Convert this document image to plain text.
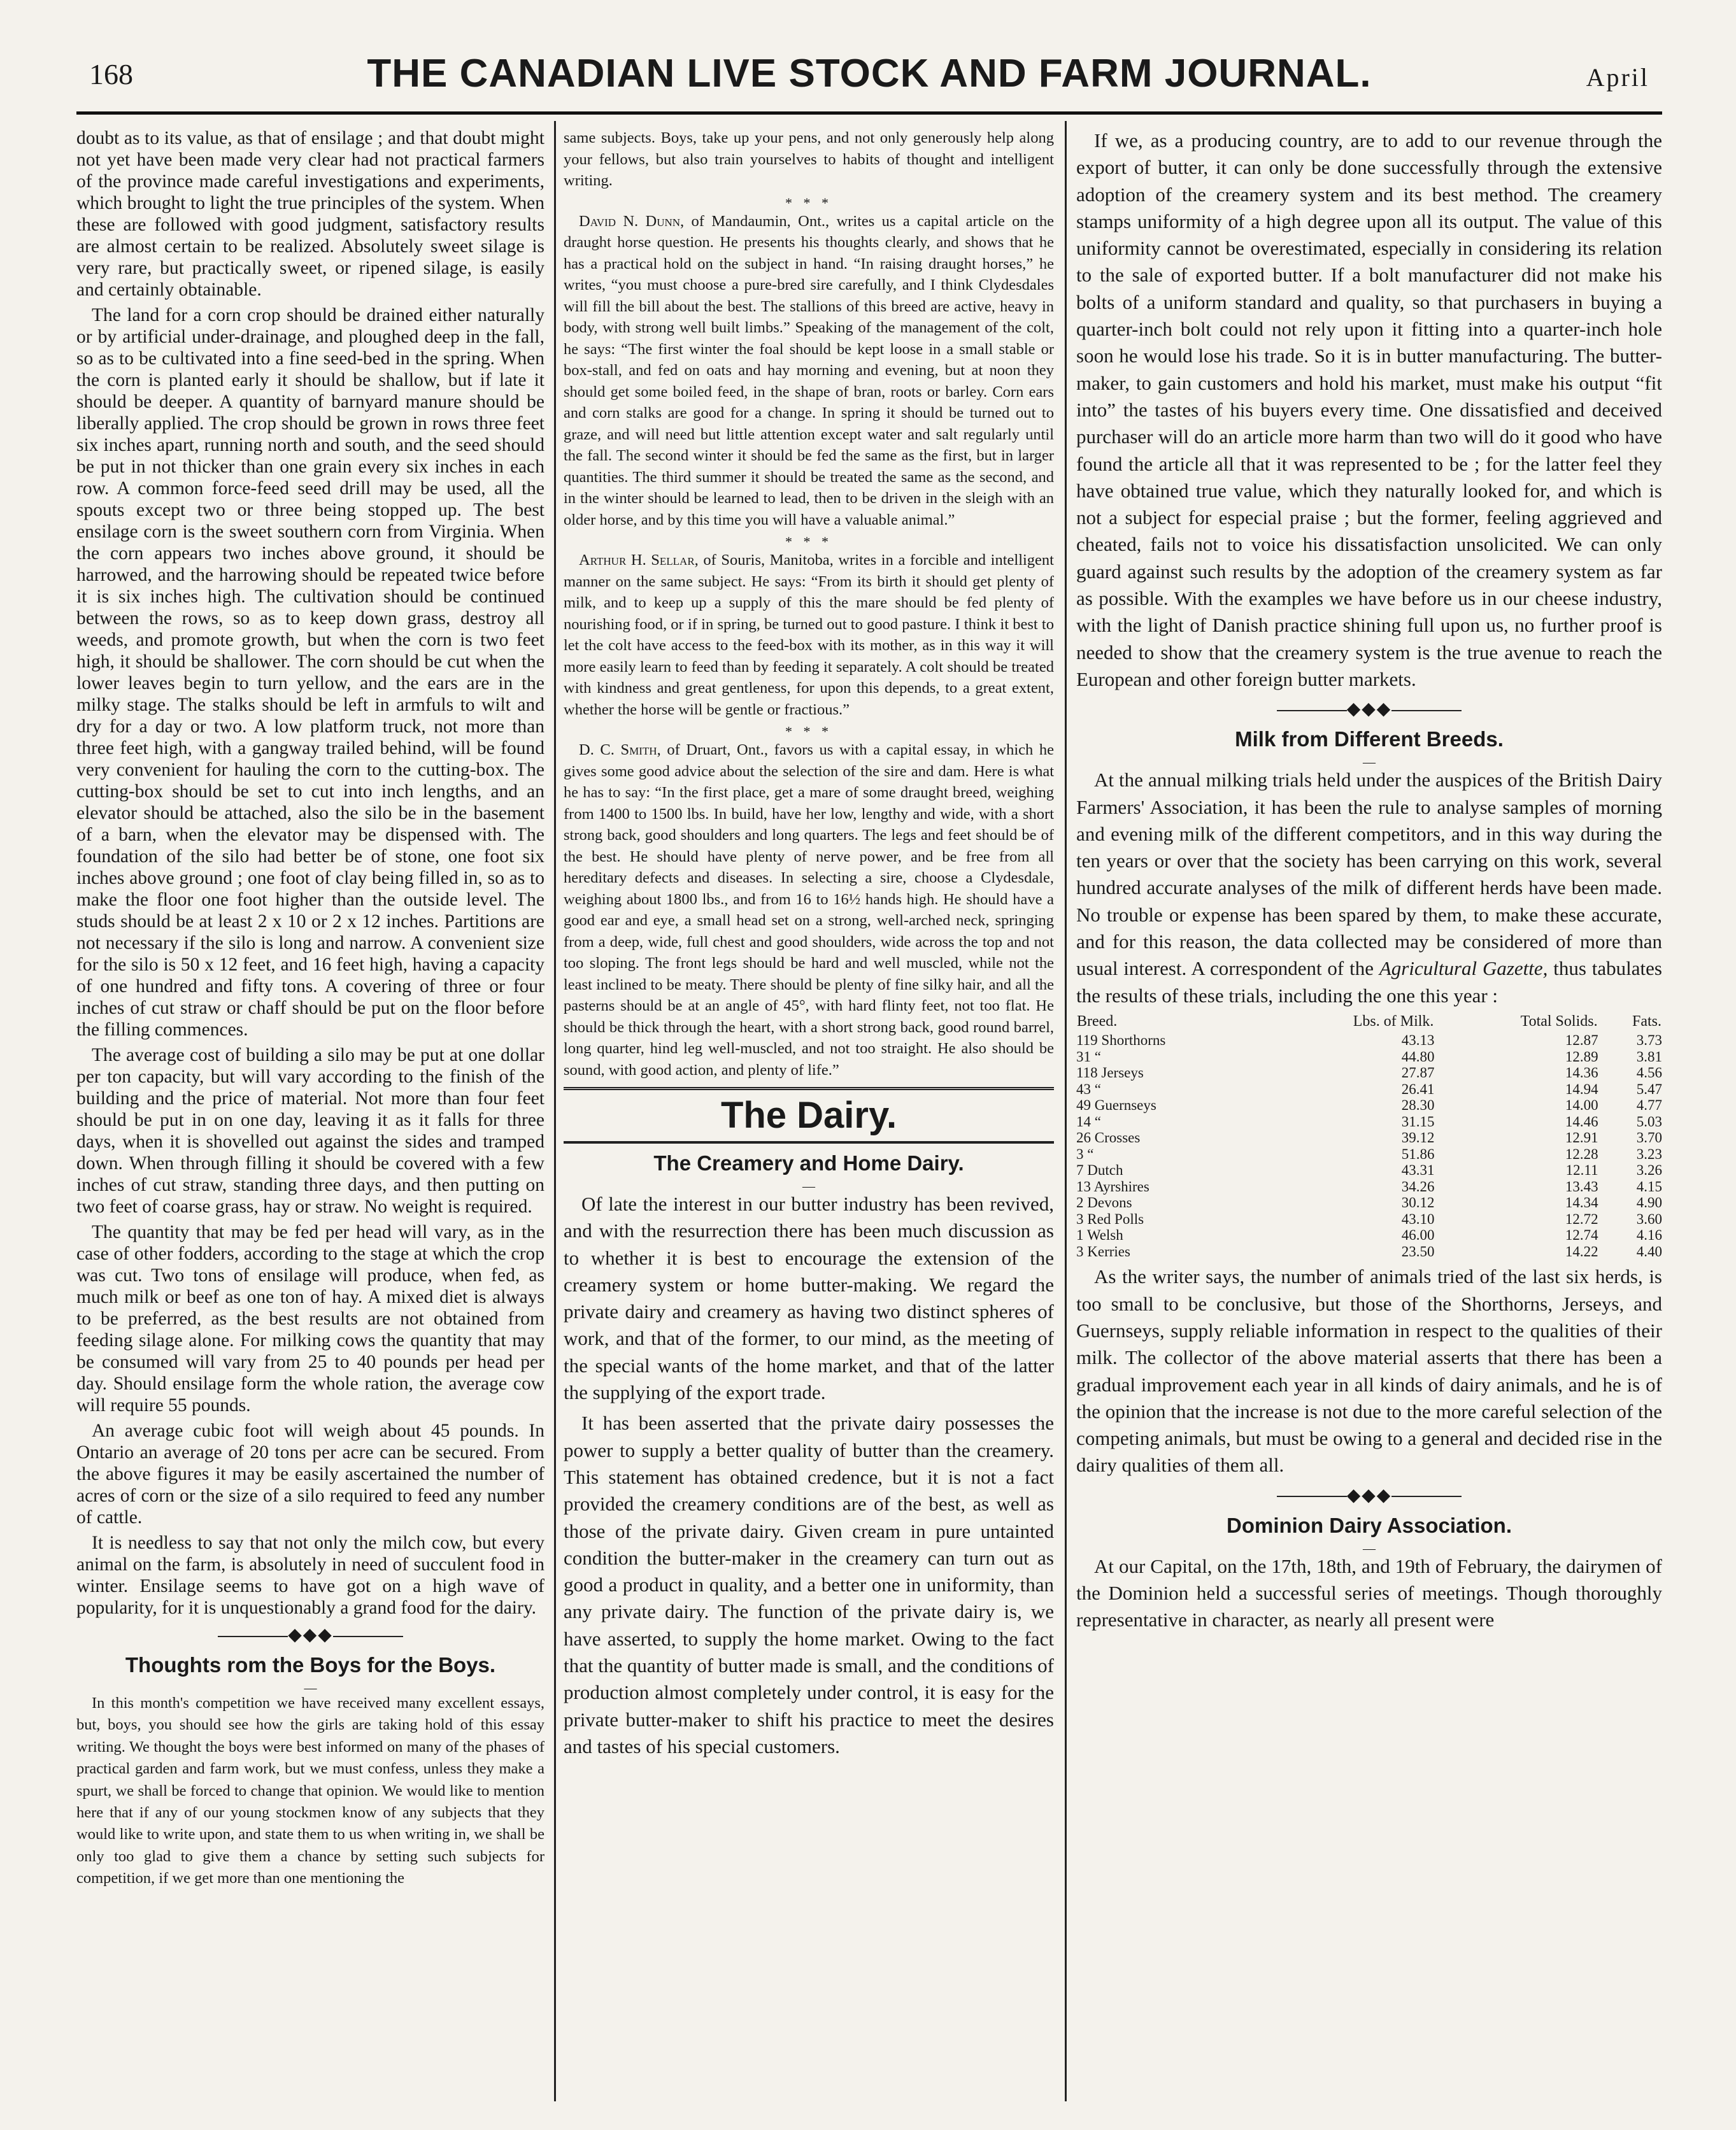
168	THE CANADIAN LIVE STOCK AND FARM JOURNAL.	April

doubt as to its value, as that of ensilage ; and that doubt might not yet have been made very clear had not practical farmers of the province made careful investigations and experiments, which brought to light the true principles of the system. When these are followed with good judgment, satisfactory results are almost certain to be realized. Absolutely sweet silage is very rare, but practically sweet, or ripened silage, is easily and certainly obtainable.

The land for a corn crop should be drained either naturally or by artificial under-drainage, and ploughed deep in the fall, so as to be cultivated into a fine seed-bed in the spring. When the corn is planted early it should be shallow, but if late it should be deeper. A quantity of barnyard manure should be liberally applied. The crop should be grown in rows three feet six inches apart, running north and south, and the seed should be put in not thicker than one grain every six inches in each row. A common force-feed seed drill may be used, all the spouts except two or three being stopped up. The best ensilage corn is the sweet southern corn from Virginia. When the corn appears two inches above ground, it should be harrowed, and the harrowing should be repeated twice before it is six inches high. The cultivation should be continued between the rows, so as to keep down grass, destroy all weeds, and promote growth, but when the corn is two feet high, it should be shallower. The corn should be cut when the lower leaves begin to turn yellow, and the ears are in the milky stage. The stalks should be left in armfuls to wilt and dry for a day or two. A low platform truck, not more than three feet high, with a gangway trailed behind, will be found very convenient for hauling the corn to the cutting-box. The cutting-box should be set to cut into inch lengths, and an elevator should be attached, also the silo be in the basement of a barn, when the elevator may be dispensed with. The foundation of the silo had better be of stone, one foot six inches above ground ; one foot of clay being filled in, so as to make the floor one foot higher than the outside level. The studs should be at least 2 x 10 or 2 x 12 inches. Partitions are not necessary if the silo is long and narrow. A convenient size for the silo is 50 x 12 feet, and 16 feet high, having a capacity of one hundred and fifty tons. A covering of three or four inches of cut straw or chaff should be put on the floor before the filling commences.

The average cost of building a silo may be put at one dollar per ton capacity, but will vary according to the finish of the building and the price of material. Not more than four feet should be put in on one day, leaving it as it falls for three days, when it is shovelled out against the sides and tramped down. When through filling it should be covered with a few inches of cut straw, standing three days, and then putting on two feet of coarse grass, hay or straw. No weight is required.

The quantity that may be fed per head will vary, as in the case of other fodders, according to the stage at which the crop was cut. Two tons of ensilage will produce, when fed, as much milk or beef as one ton of hay. A mixed diet is always to be preferred, as the best results are not obtained from feeding silage alone. For milking cows the quantity that may be consumed will vary from 25 to 40 pounds per head per day. Should ensilage form the whole ration, the average cow will require 55 pounds.

An average cubic foot will weigh about 45 pounds. In Ontario an average of 20 tons per acre can be secured. From the above figures it may be easily ascertained the number of acres of corn or the size of a silo required to feed any number of cattle.

It is needless to say that not only the milch cow, but every animal on the farm, is absolutely in need of succulent food in winter. Ensilage seems to have got on a high wave of popularity, for it is unquestionably a grand food for the dairy.

◆◆◆
Thoughts rom the Boys for the Boys.
—

In this month's competition we have received many excellent essays, but, boys, you should see how the girls are taking hold of this essay writing. We thought the boys were best informed on many of the phases of practical garden and farm work, but we must confess, unless they make a spurt, we shall be forced to change that opinion. We would like to mention here that if any of our young stockmen know of any subjects that they would like to write upon, and state them to us when writing in, we shall be only too glad to give them a chance by setting such subjects for competition, if we get more than one mentioning the

same subjects. Boys, take up your pens, and not only generously help along your fellows, but also train yourselves to habits of thought and intelligent writing.

* * *

David N. Dunn, of Mandaumin, Ont., writes us a capital article on the draught horse question. He presents his thoughts clearly, and shows that he has a practical hold on the subject in hand. “In raising draught horses,” he writes, “you must choose a pure-bred sire carefully, and I think Clydesdales will fill the bill about the best. The stallions of this breed are active, heavy in body, with strong well built limbs.” Speaking of the management of the colt, he says: “The first winter the foal should be kept loose in a small stable or box-stall, and fed on oats and hay morning and evening, but at noon they should get some boiled feed, in the shape of bran, roots or barley. Corn ears and corn stalks are good for a change. In spring it should be turned out to graze, and will need but little attention except water and salt regularly until the fall. The second winter it should be fed the same as the first, but in larger quantities. The third summer it should be treated the same as the second, and in the winter should be learned to lead, then to be driven in the sleigh with an older horse, and by this time you will have a valuable animal.”

* * *

Arthur H. Sellar, of Souris, Manitoba, writes in a forcible and intelligent manner on the same subject. He says: “From its birth it should get plenty of milk, and to keep up a supply of this the mare should be fed plenty of nourishing food, or if in spring, be turned out to good pasture. I think it best to let the colt have access to the feed-box with its mother, as in this way it will more easily learn to feed than by feeding it separately. A colt should be treated with kindness and great gentleness, for upon this depends, to a great extent, whether the horse will be gentle or fractious.”

* * *

D. C. Smith, of Druart, Ont., favors us with a capital essay, in which he gives some good advice about the selection of the sire and dam. Here is what he has to say: “In the first place, get a mare of some draught breed, weighing from 1400 to 1500 lbs. In build, have her low, lengthy and wide, with a short strong back, good shoulders and long quarters. The legs and feet should be of the best. He should have plenty of nerve power, and be free from all hereditary defects and diseases. In selecting a sire, choose a Clydesdale, weighing about 1800 lbs., and from 16 to 16½ hands high. He should have a good ear and eye, a small head set on a strong, well-arched neck, springing from a deep, wide, full chest and good shoulders, wide across the top and not too sloping. The front legs should be hard and well muscled, while not the least inclined to be meaty. There should be plenty of fine silky hair, and all the pasterns should be at an angle of 45°, with hard flinty feet, not too flat. He should be thick through the heart, with a short strong back, good round barrel, long quarter, hind leg well-muscled, and not too straight. He also should be sound, with good action, and plenty of life.”

The Dairy.
The Creamery and Home Dairy.
—

Of late the interest in our butter industry has been revived, and with the resurrection there has been much discussion as to whether it is best to encourage the extension of the creamery system or home butter-making. We regard the private dairy and creamery as having two distinct spheres of work, and that of the former, to our mind, as the meeting of the special wants of the home market, and that of the latter the supplying of the export trade.

It has been asserted that the private dairy possesses the power to supply a better quality of butter than the creamery. This statement has obtained credence, but it is not a fact provided the creamery conditions are of the best, as well as those of the private dairy. Given cream in pure untainted condition the butter-maker in the creamery can turn out as good a product in quality, and a better one in uniformity, than any private dairy. The function of the private dairy is, we have asserted, to supply the home market. Owing to the fact that the quantity of butter made is small, and the conditions of production almost completely under control, it is easy for the private butter-maker to shift his practice to meet the desires and tastes of his special customers.

If we, as a producing country, are to add to our revenue through the export of butter, it can only be done successfully through the extensive adoption of the creamery system and its best method. The creamery stamps uniformity of a high degree upon all its output. The value of this uniformity cannot be overestimated, especially in considering its relation to the sale of exported butter. If a bolt manufacturer did not make his bolts of a uniform standard and quality, so that purchasers in buying a quarter-inch bolt could not rely upon it fitting into a quarter-inch hole soon he would lose his trade. So it is in butter manufacturing. The butter-maker, to gain customers and hold his market, must make his output “fit into” the tastes of his buyers every time. One dissatisfied and deceived purchaser will do an article more harm than two will do it good who have found the article all that it was represented to be ; for the latter feel they have obtained true value, which they naturally looked for, and which is not a subject for especial praise ; but the former, feeling aggrieved and cheated, fails not to voice his dissatisfaction unsolicited. We can only guard against such results by the adoption of the creamery system as far as possible. With the examples we have before us in our cheese industry, with the light of Danish practice shining full upon us, no further proof is needed to show that the creamery system is the true avenue to reach the European and other foreign butter markets.

◆◆◆
Milk from Different Breeds.
—

At the annual milking trials held under the auspices of the British Dairy Farmers' Association, it has been the rule to analyse samples of morning and evening milk of the different competitors, and in this way during the ten years or over that the society has been carrying on this work, several hundred accurate analyses of the milk of different herds have been made. No trouble or expense has been spared by them, to make these accurate, and for this reason, the data collected may be considered of more than usual interest. A correspondent of the Agricultural Gazette, thus tabulates the results of these trials, including the one this year :

Breed.	Lbs. of Milk.	Total Solids.	Fats.
119 Shorthorns	43.13	12.87	3.73
31 “	44.80	12.89	3.81
118 Jerseys	27.87	14.36	4.56
43 “	26.41	14.94	5.47
49 Guernseys	28.30	14.00	4.77
14 “	31.15	14.46	5.03
26 Crosses	39.12	12.91	3.70
3 “	51.86	12.28	3.23
7 Dutch	43.31	12.11	3.26
13 Ayrshires	34.26	13.43	4.15
2 Devons	30.12	14.34	4.90
3 Red Polls	43.10	12.72	3.60
1 Welsh	46.00	12.74	4.16
3 Kerries	23.50	14.22	4.40

As the writer says, the number of animals tried of the last six herds, is too small to be conclusive, but those of the Shorthorns, Jerseys, and Guernseys, supply reliable information in respect to the qualities of their milk. The collector of the above material asserts that there has been a gradual improvement each year in all kinds of dairy animals, and he is of the opinion that the increase is not due to the more careful selection of the competing animals, but must be owing to a general and decided rise in the dairy qualities of them all.

◆◆◆
Dominion Dairy Association.
—

At our Capital, on the 17th, 18th, and 19th of February, the dairymen of the Dominion held a successful series of meetings. Though thoroughly representative in character, as nearly all present were
